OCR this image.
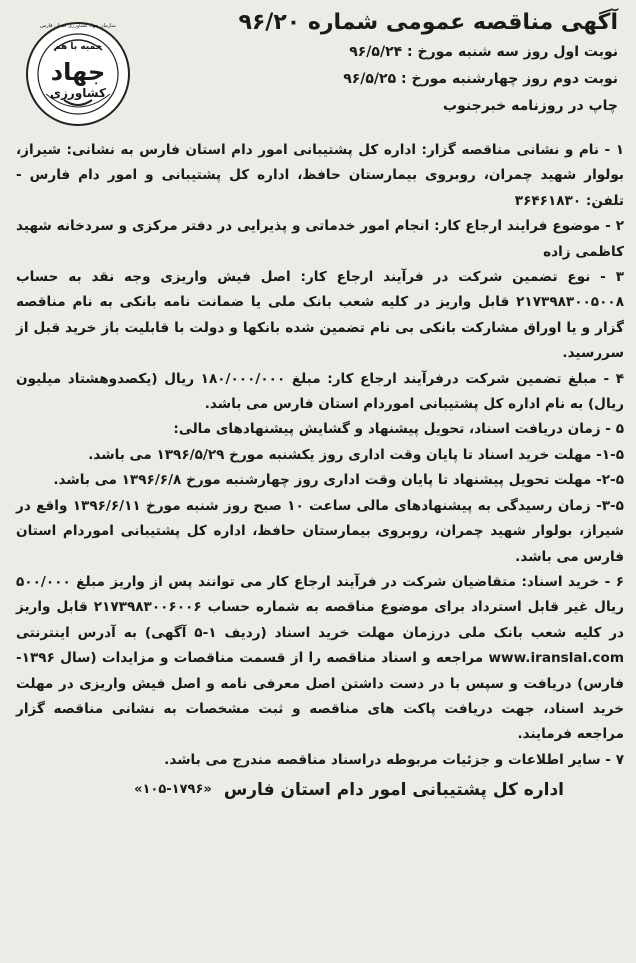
حمیه با هم
جهاد
کشاورزی
سازمان جهاد کشاورزی استان فارس	آگهی مناقصه عمومی شماره ۹۶/۲۰
نوبت اول روز سه شنبه مورخ : ۹۶/۵/۲۴
نوبت دوم روز چهارشنبه مورخ : ۹۶/۵/۲۵
چاپ در روزنامه خبرجنوب

۱ - نام و نشانی مناقصه گزار: اداره کل پشتیبانی امور دام استان فارس به نشانی: شیراز، بولوار شهید چمران، روبروی بیمارستان حافظ، اداره کل پشتیبانی و امور دام فارس - تلفن: ۳۶۴۶۱۸۳۰

۲ - موضوع فرایند ارجاع کار: انجام امور خدماتی و پذیرایی در دفتر مرکزی و سردخانه شهید کاظمی زاده

۳ - نوع تضمین شرکت در فرآیند ارجاع کار: اصل فیش واریزی وجه نقد به حساب ۲۱۷۳۹۸۳۰۰۵۰۰۸ قابل واریز در کلیه شعب بانک ملی یا ضمانت نامه بانکی به نام مناقصه گزار و یا اوراق مشارکت بانکی بی نام تضمین شده بانکها و دولت با قابلیت باز خرید قبل از سررسید.

۴ - مبلغ تضمین شرکت درفرآیند ارجاع کار: مبلغ ۱۸۰/۰۰۰/۰۰۰ ریال (یکصدوهشتاد میلیون ریال) به نام اداره کل پشتیبانی اموردام استان فارس می باشد.

۵ - زمان دریافت اسناد، تحویل پیشنهاد و گشایش پیشنهادهای مالی:

۱-۵- مهلت خرید اسناد تا پایان وقت اداری روز یکشنبه مورخ ۱۳۹۶/۵/۲۹ می باشد.

۲-۵- مهلت تحویل پیشنهاد تا پایان وقت اداری روز چهارشنبه مورخ ۱۳۹۶/۶/۸ می باشد.

۳-۵- زمان رسیدگی به پیشنهادهای مالی ساعت ۱۰ صبح روز شنبه مورخ ۱۳۹۶/۶/۱۱ واقع در شیراز، بولوار شهید چمران، روبروی بیمارستان حافظ، اداره کل پشتیبانی اموردام استان فارس می باشد.

۶ - خرید اسناد: متقاضیان شرکت در فرآیند ارجاع کار می توانند پس از واریز مبلغ ۵۰۰/۰۰۰ ریال غیر قابل استرداد برای موضوع مناقصه به شماره حساب ۲۱۷۳۹۸۳۰۰۶۰۰۶ قابل واریز در کلیه شعب بانک ملی درزمان مهلت خرید اسناد (ردیف ۱-۵ آگهی) به آدرس اینترنتی www.iranslal.com مراجعه و اسناد مناقصه را از قسمت مناقصات و مزایدات (سال ۱۳۹۶-فارس) دریافت و سپس با در دست داشتن اصل معرفی نامه و اصل فیش واریزی در مهلت خرید اسناد، جهت دریافت پاکت های مناقصه و ثبت مشخصات به نشانی مناقصه گزار مراجعه فرمایند.

۷ - سایر اطلاعات و جزئیات مربوطه دراسناد مناقصه مندرج می باشد.

اداره کل پشتیبانی امور دام استان فارس
«۱۰۵-۱۷۹۶»
